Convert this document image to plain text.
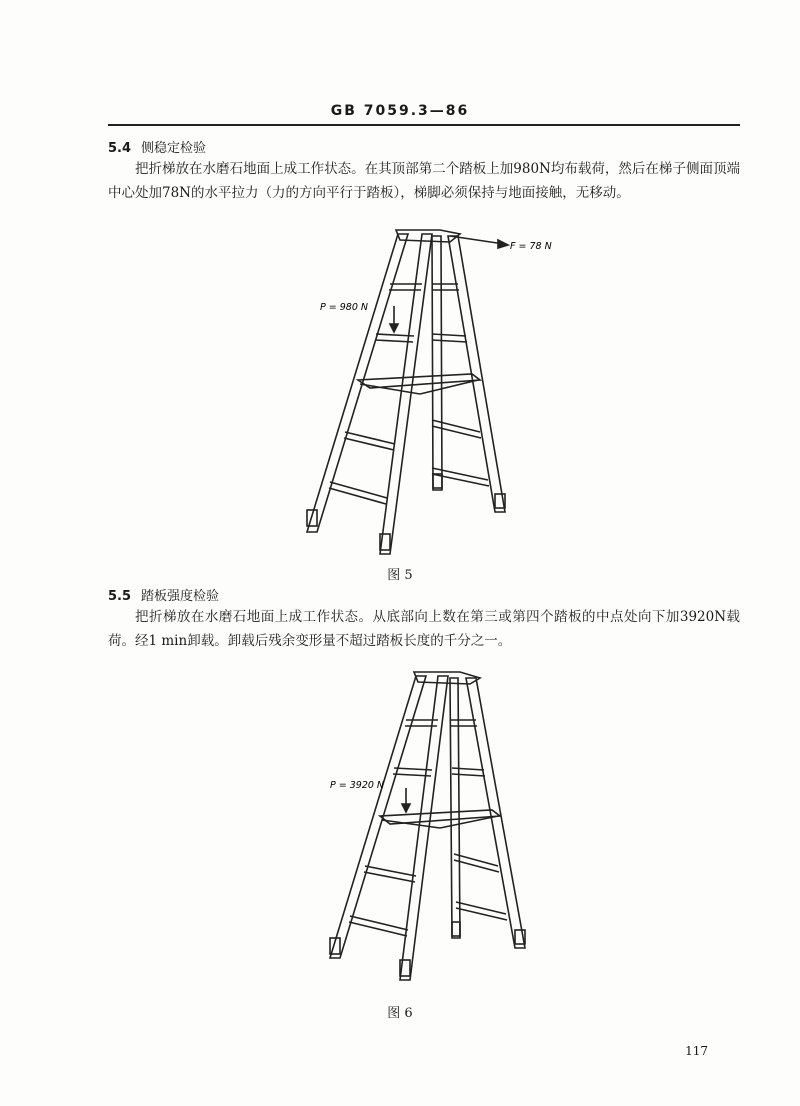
GB 7059.3—86
5.4 侧稳定检验
把折梯放在水磨石地面上成工作状态。在其顶部第二个踏板上加980N均布载荷，然后在梯子侧面顶端中心处加78N的水平拉力（力的方向平行于踏板），梯脚必须保持与地面接触，无移动。
P = 980 N
F = 78 N
图 5
5.5 踏板强度检验
把折梯放在水磨石地面上成工作状态。从底部向上数在第三或第四个踏板的中点处向下加3920N载荷。经1 min卸载。卸载后残余变形量不超过踏板长度的千分之一。
P = 3920 N
图 6
117
